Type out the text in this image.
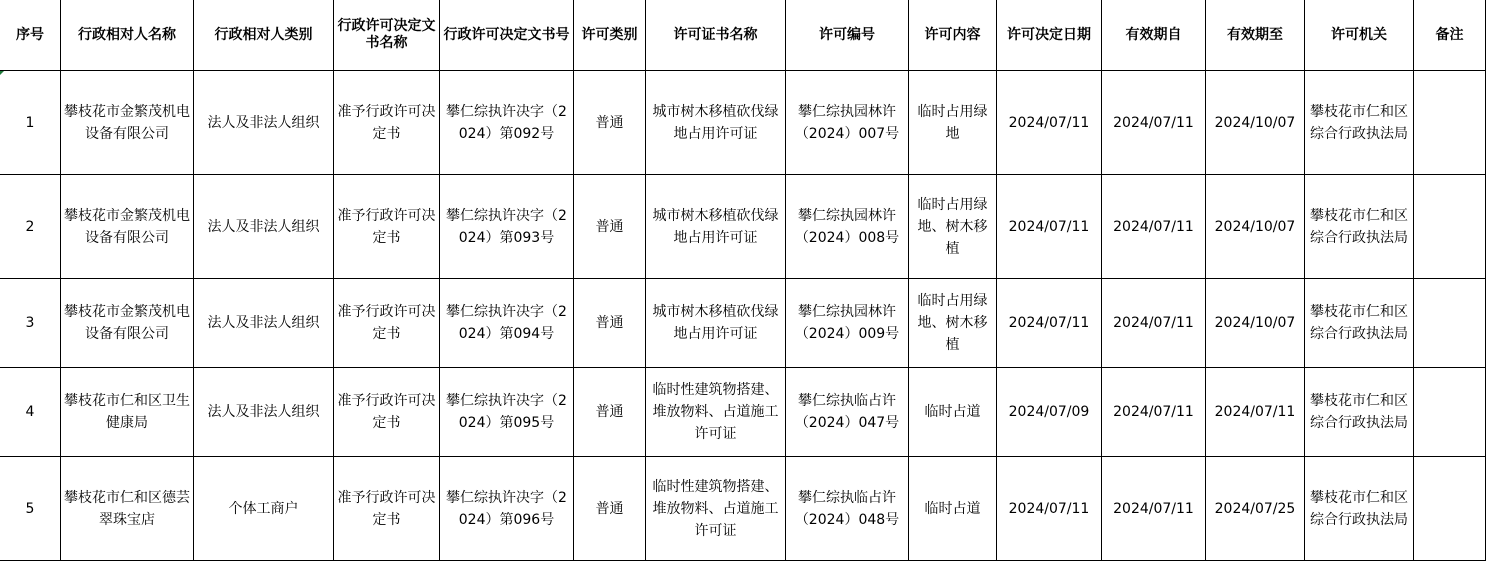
序号	行政相对人名称	行政相对人类别	行政许可决定文书名称	行政许可决定文书号	许可类别	许可证书名称	许可编号	许可内容	许可决定日期	有效期自	有效期至	许可机关	备注
1	攀枝花市金繁茂机电设备有限公司	法人及非法人组织	准予行政许可决定书	攀仁综执许决字（2024）第092号	普通	城市树木移植砍伐绿地占用许可证	攀仁综执园林许（2024）007号	临时占用绿地	2024/07/11	2024/07/11	2024/10/07	攀枝花市仁和区综合行政执法局	
2	攀枝花市金繁茂机电设备有限公司	法人及非法人组织	准予行政许可决定书	攀仁综执许决字（2024）第093号	普通	城市树木移植砍伐绿地占用许可证	攀仁综执园林许（2024）008号	临时占用绿地、树木移植	2024/07/11	2024/07/11	2024/10/07	攀枝花市仁和区综合行政执法局	
3	攀枝花市金繁茂机电设备有限公司	法人及非法人组织	准予行政许可决定书	攀仁综执许决字（2024）第094号	普通	城市树木移植砍伐绿地占用许可证	攀仁综执园林许（2024）009号	临时占用绿地、树木移植	2024/07/11	2024/07/11	2024/10/07	攀枝花市仁和区综合行政执法局	
4	攀枝花市仁和区卫生健康局	法人及非法人组织	准予行政许可决定书	攀仁综执许决字（2024）第095号	普通	临时性建筑物搭建、堆放物料、占道施工许可证	攀仁综执临占许（2024）047号	临时占道	2024/07/09	2024/07/11	2024/07/11	攀枝花市仁和区综合行政执法局	
5	攀枝花市仁和区德芸翠珠宝店	个体工商户	准予行政许可决定书	攀仁综执许决字（2024）第096号	普通	临时性建筑物搭建、堆放物料、占道施工许可证	攀仁综执临占许（2024）048号	临时占道	2024/07/11	2024/07/11	2024/07/25	攀枝花市仁和区综合行政执法局	
